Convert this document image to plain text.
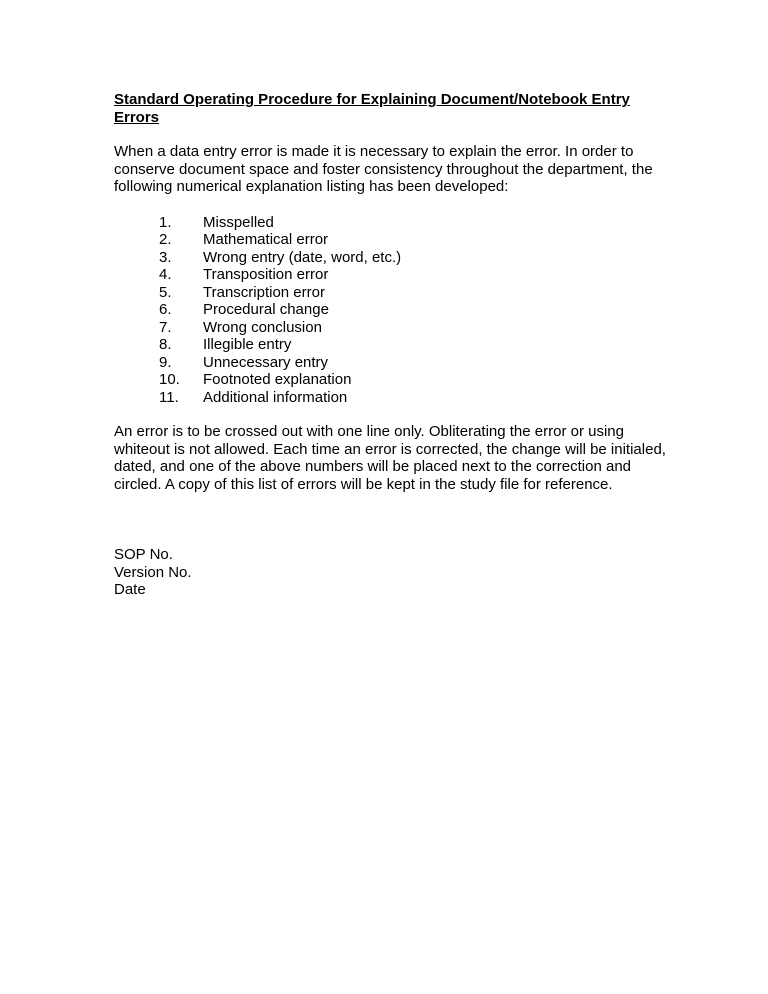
Standard Operating Procedure for Explaining Document/Notebook Entry Errors

When a data entry error is made it is necessary to explain the error. In order to conserve document space and foster consistency throughout the department, the following numerical explanation listing has been developed:

1.	Misspelled
2.	Mathematical error
3.	Wrong entry (date, word, etc.)
4.	Transposition error
5.	Transcription error
6.	Procedural change
7.	Wrong conclusion
8.	Illegible entry
9.	Unnecessary entry
10.	Footnoted explanation
11.	Additional information

An error is to be crossed out with one line only. Obliterating the error or using whiteout is not allowed. Each time an error is corrected, the change will be initialed, dated, and one of the above numbers will be placed next to the correction and circled. A copy of this list of errors will be kept in the study file for reference.

SOP No.
Version No.
Date
